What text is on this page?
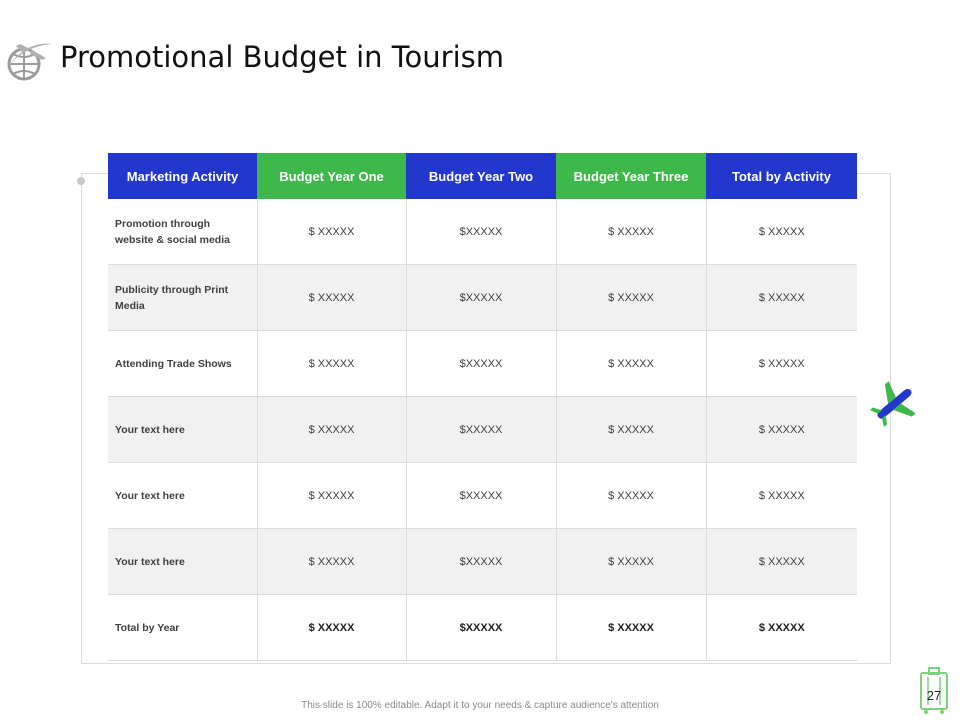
Promotional Budget in Tourism
Marketing Activity	Budget Year One	Budget Year Two	Budget Year Three	Total by Activity
Promotion through website & social media	$ XXXXX	$XXXXX	$ XXXXX	$ XXXXX
Publicity through Print Media	$ XXXXX	$XXXXX	$ XXXXX	$ XXXXX
Attending Trade Shows	$ XXXXX	$XXXXX	$ XXXXX	$ XXXXX
Your text here	$ XXXXX	$XXXXX	$ XXXXX	$ XXXXX
Your text here	$ XXXXX	$XXXXX	$ XXXXX	$ XXXXX
Your text here	$ XXXXX	$XXXXX	$ XXXXX	$ XXXXX
Total by Year	$ XXXXX	$XXXXX	$ XXXXX	$ XXXXX
27
This slide is 100% editable. Adapt it to your needs & capture audience's attention
